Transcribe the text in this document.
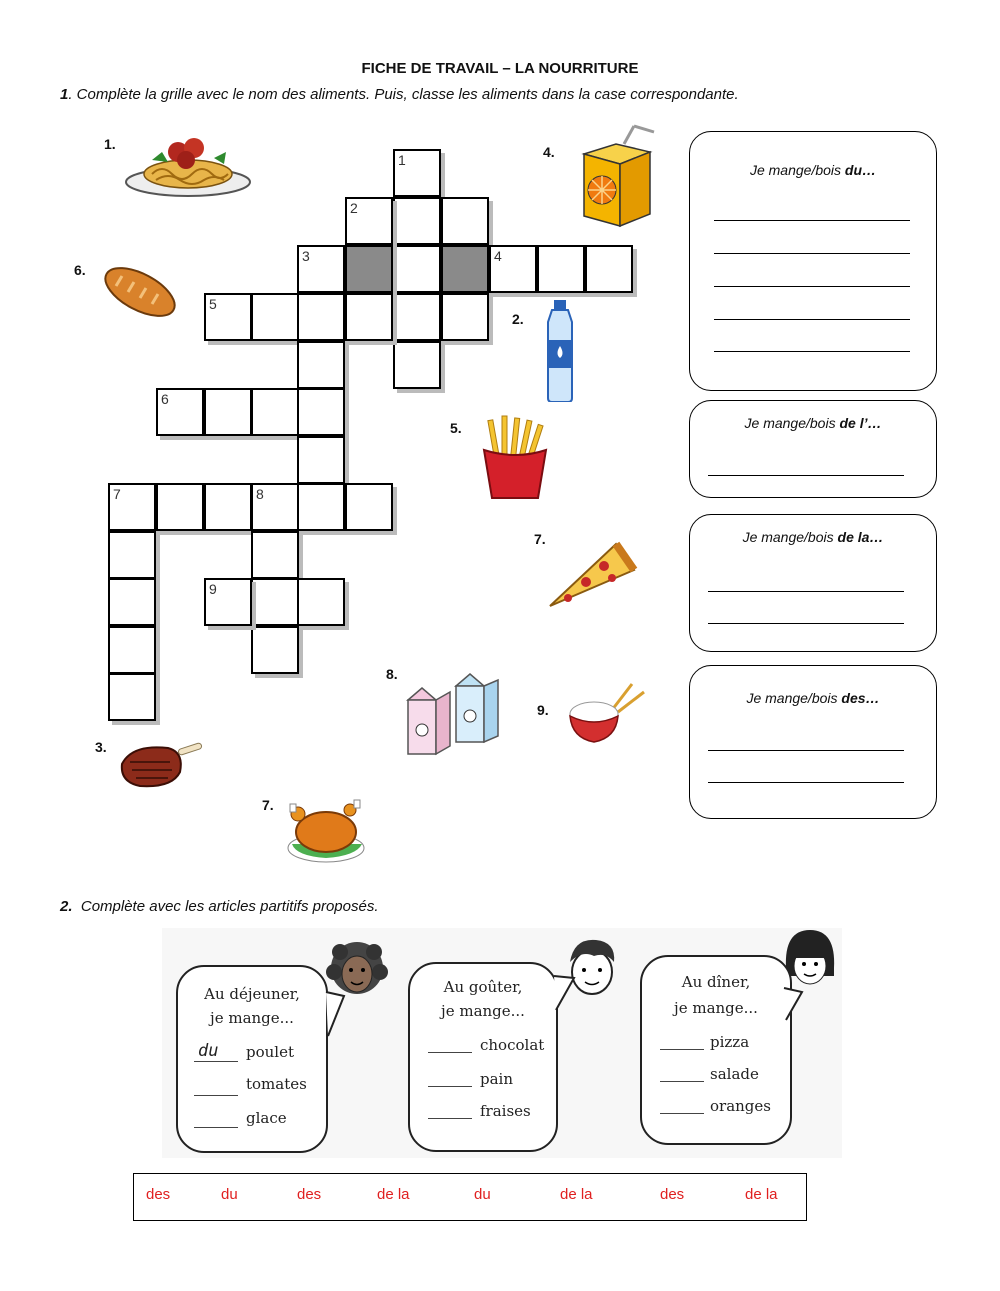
FICHE DE TRAVAIL – LA NOURRITURE
1. Complète la grille avec le nom des aliments. Puis, classe les aliments dans la case correspondante.
1.	4.
6.
2.
5.
7.
8.
9.
3.
7.
1
2
3	4
5
6
7	8
9
Je mange/bois du…
Je mange/bois de l’…
Je mange/bois de la…
Je mange/bois des…
2. Complète avec les articles partitifs proposés.
Au déjeuner,
je mange...
du poulet
tomates
glace
Au goûter,
je mange...
chocolat
pain
fraises
Au dîner,
je mange...
pizza
salade
oranges
des	du	des	de la	du	de la	des	de la
